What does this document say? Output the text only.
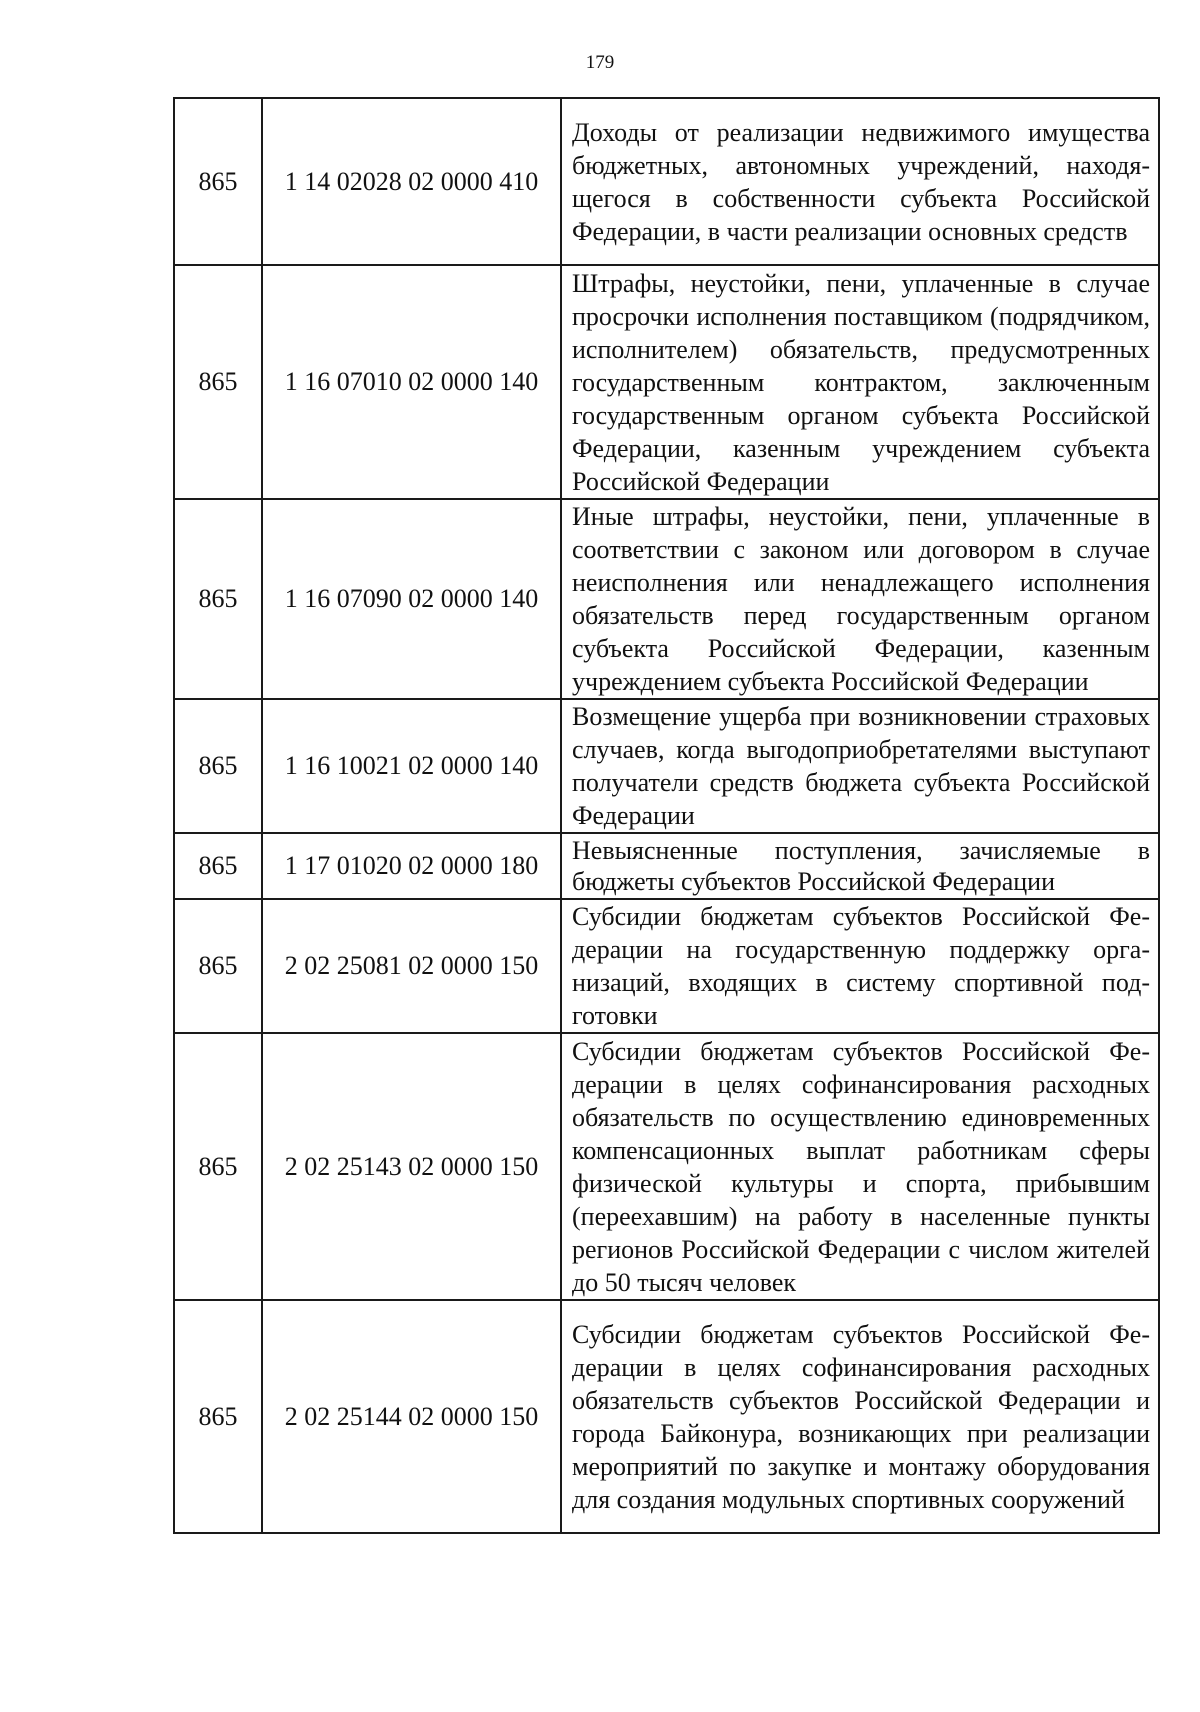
179
865	1 14 02028 02 0000 410	Доходы от реализации недвижимого имущества бюджетных, автономных учреждений, находящегося в собственности субъекта Российской Федерации, в части реализации основных средств
865	1 16 07010 02 0000 140	Штрафы, неустойки, пени, уплаченные в случае просрочки исполнения поставщиком (подрядчиком, исполнителем) обязательств, предусмотренных государственным контрактом, заключенным государственным органом субъекта Российской Федерации, казенным учреждением субъекта Российской Федерации
865	1 16 07090 02 0000 140	Иные штрафы, неустойки, пени, уплаченные в соответствии с законом или договором в случае неисполнения или ненадлежащего исполнения обязательств перед государственным органом субъекта Российской Федерации, казенным учреждением субъекта Российской Федерации
865	1 16 10021 02 0000 140	Возмещение ущерба при возникновении страховых случаев, когда выгодоприобретателями выступают получатели средств бюджета субъекта Российской Федерации
865	1 17 01020 02 0000 180	Невыясненные поступления, зачисляемые в бюджеты субъектов Российской Федерации
865	2 02 25081 02 0000 150	Субсидии бюджетам субъектов Российской Федерации на государственную поддержку организаций, входящих в систему спортивной подготовки
865	2 02 25143 02 0000 150	Субсидии бюджетам субъектов Российской Федерации в целях софинансирования расходных обязательств по осуществлению единовременных компенсационных выплат работникам сферы физической культуры и спорта, прибывшим (переехавшим) на работу в населенные пункты регионов Российской Федерации с числом жителей до 50 тысяч человек
865	2 02 25144 02 0000 150	Субсидии бюджетам субъектов Российской Федерации в целях софинансирования расходных обязательств субъектов Российской Федерации и города Байконура, возникающих при реализации мероприятий по закупке и монтажу оборудования для создания модульных спортивных сооружений
